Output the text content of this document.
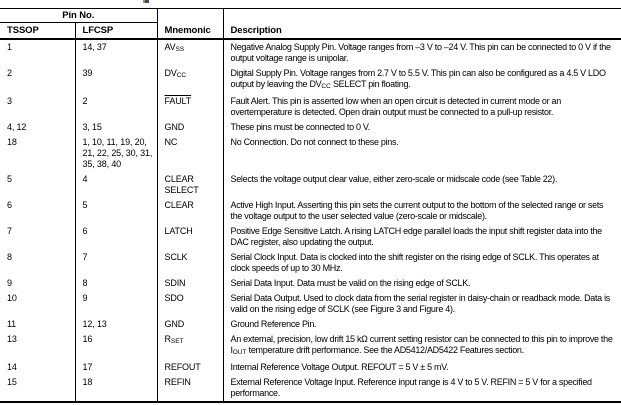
Pin No.		Mnemonic	Description
TSSOP	LFCSP		
1	14, 37	AVSS	Negative Analog Supply Pin. Voltage ranges from –3 V to –24 V. This pin can be connected to 0 V if the output voltage range is unipolar.
2	39	DVCC	Digital Supply Pin. Voltage ranges from 2.7 V to 5.5 V. This pin can also be configured as a 4.5 V LDO output by leaving the DVCC SELECT pin floating.
3	2	FAULT	Fault Alert. This pin is asserted low when an open circuit is detected in current mode or an overtemperature is detected. Open drain output must be connected to a pull-up resistor.
4, 12	3, 15	GND	These pins must be connected to 0 V.
18	1, 10, 11, 19, 20, 21, 22, 25, 30, 31, 35, 38, 40	NC	No Connection. Do not connect to these pins.
5	4	CLEAR SELECT	Selects the voltage output clear value, either zero-scale or midscale code (see Table 22).
6	5	CLEAR	Active High Input. Asserting this pin sets the current output to the bottom of the selected range or sets the voltage output to the user selected value (zero-scale or midscale).
7	6	LATCH	Positive Edge Sensitive Latch. A rising LATCH edge parallel loads the input shift register data into the DAC register, also updating the output.
8	7	SCLK	Serial Clock Input. Data is clocked into the shift register on the rising edge of SCLK. This operates at clock speeds of up to 30 MHz.
9	8	SDIN	Serial Data Input. Data must be valid on the rising edge of SCLK.
10	9	SDO	Serial Data Output. Used to clock data from the serial register in daisy-chain or readback mode. Data is valid on the rising edge of SCLK (see Figure 3 and Figure 4).
11	12, 13	GND	Ground Reference Pin.
13	16	RSET	An external, precision, low drift 15 kΩ current setting resistor can be connected to this pin to improve the IOUT temperature drift performance. See the AD5412/AD5422 Features section.
14	17	REFOUT	Internal Reference Voltage Output. REFOUT = 5 V ± 5 mV.
15	18	REFIN	External Reference Voltage Input. Reference input range is 4 V to 5 V. REFIN = 5 V for a specified performance.
